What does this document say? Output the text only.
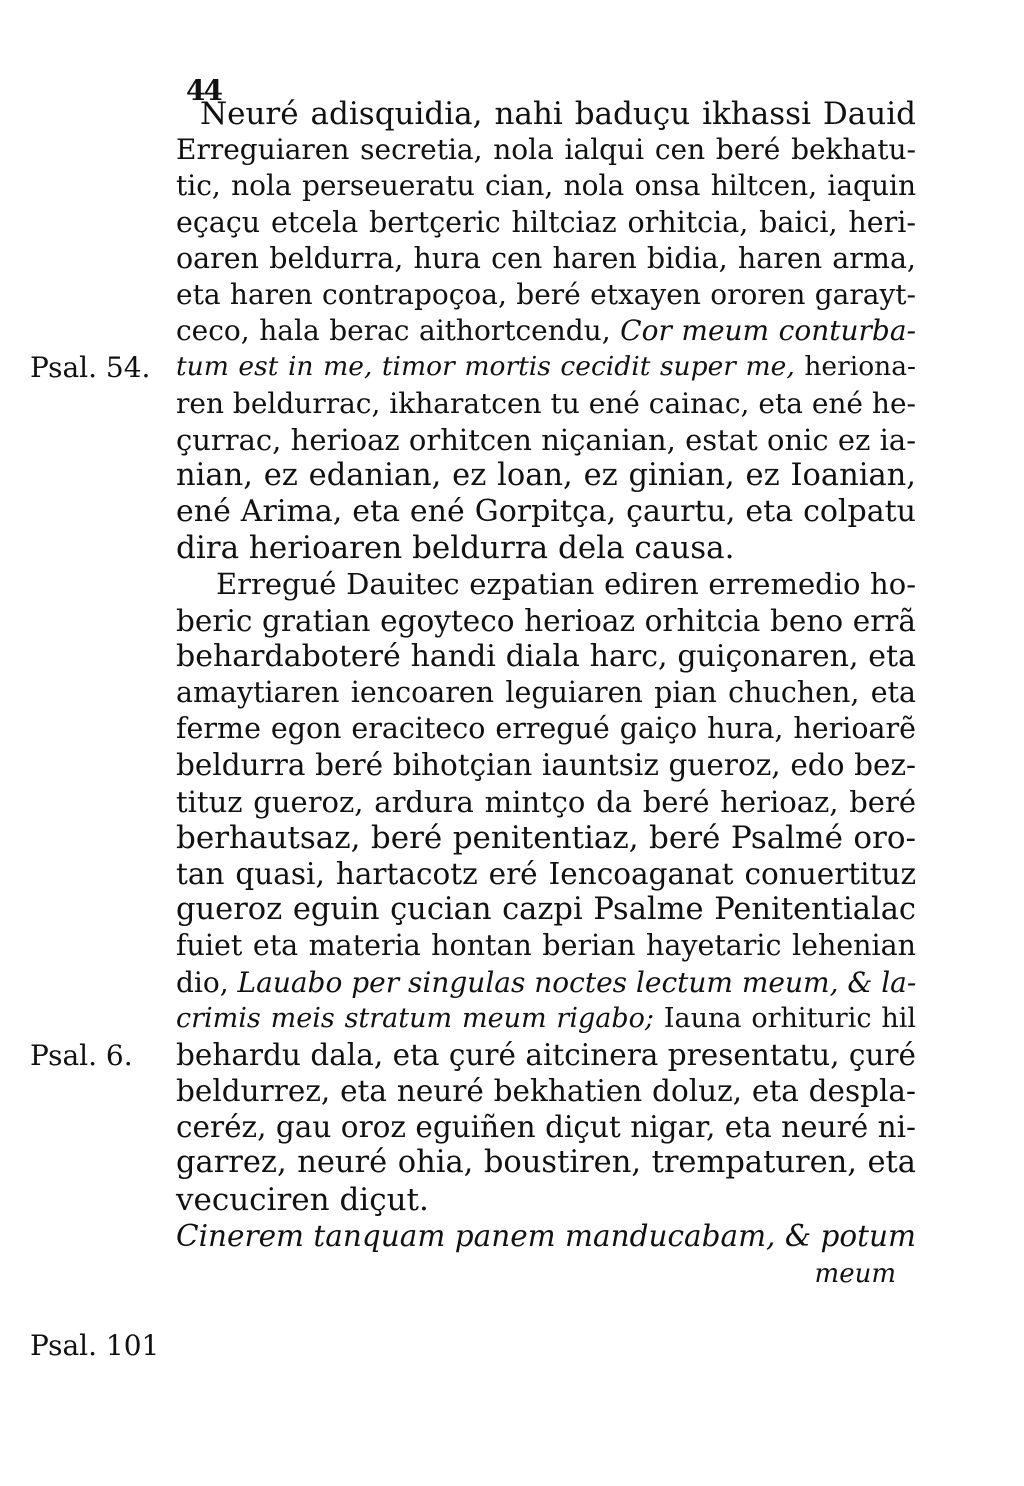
44
Neuré adisquidia, nahi baduçu ikhassi Dauid
Erreguiaren secretia, nola ialqui cen beré bekhatu-
tic, nola perseueratu cian, nola onsa hiltcen, iaquin
eçaçu etcela bertçeric hiltciaz orhitcia, baici, heri-
oaren beldurra, hura cen haren bidia, haren arma,
eta haren contrapoçoa, beré etxayen ororen garayt-
ceco, hala berac aithortcendu, Cor meum conturba-
tum est in me, timor mortis cecidit super me, heriona-
ren beldurrac, ikharatcen tu ené cainac, eta ené he-
çurrac, herioaz orhitcen niçanian, estat onic ez ia-
nian, ez edanian, ez loan, ez ginian, ez Ioanian,
ené Arima, eta ené Gorpitça, çaurtu, eta colpatu
dira herioaren beldurra dela causa.
Erregué Dauitec ezpatian ediren erremedio ho-
beric gratian egoyteco herioaz orhitcia beno errã
behardaboteré handi diala harc, guiçonaren, eta
amaytiaren iencoaren leguiaren pian chuchen, eta
ferme egon eraciteco erregué gaiço hura, herioarẽ
beldurra beré bihotçian iauntsiz gueroz, edo bez-
tituz gueroz, ardura mintço da beré herioaz, beré
berhautsaz, beré penitentiaz, beré Psalmé oro-
tan quasi, hartacotz eré Iencoaganat conuertituz
gueroz eguin çucian cazpi Psalme Penitentialac
fuiet eta materia hontan berian hayetaric lehenian
dio, Lauabo per singulas noctes lectum meum, & la-
crimis meis stratum meum rigabo; Iauna orhituric hil
behardu dala, eta çuré aitcinera presentatu, çuré
beldurrez, eta neuré bekhatien doluz, eta despla-
ceréz, gau oroz eguiñen diçut nigar, eta neuré ni-
garrez, neuré ohia, boustiren, trempaturen, eta
vecuciren diçut.
Cinerem tanquam panem manducabam, & potum
meum
Psal. 54.
Psal. 6.
Psal. 101
